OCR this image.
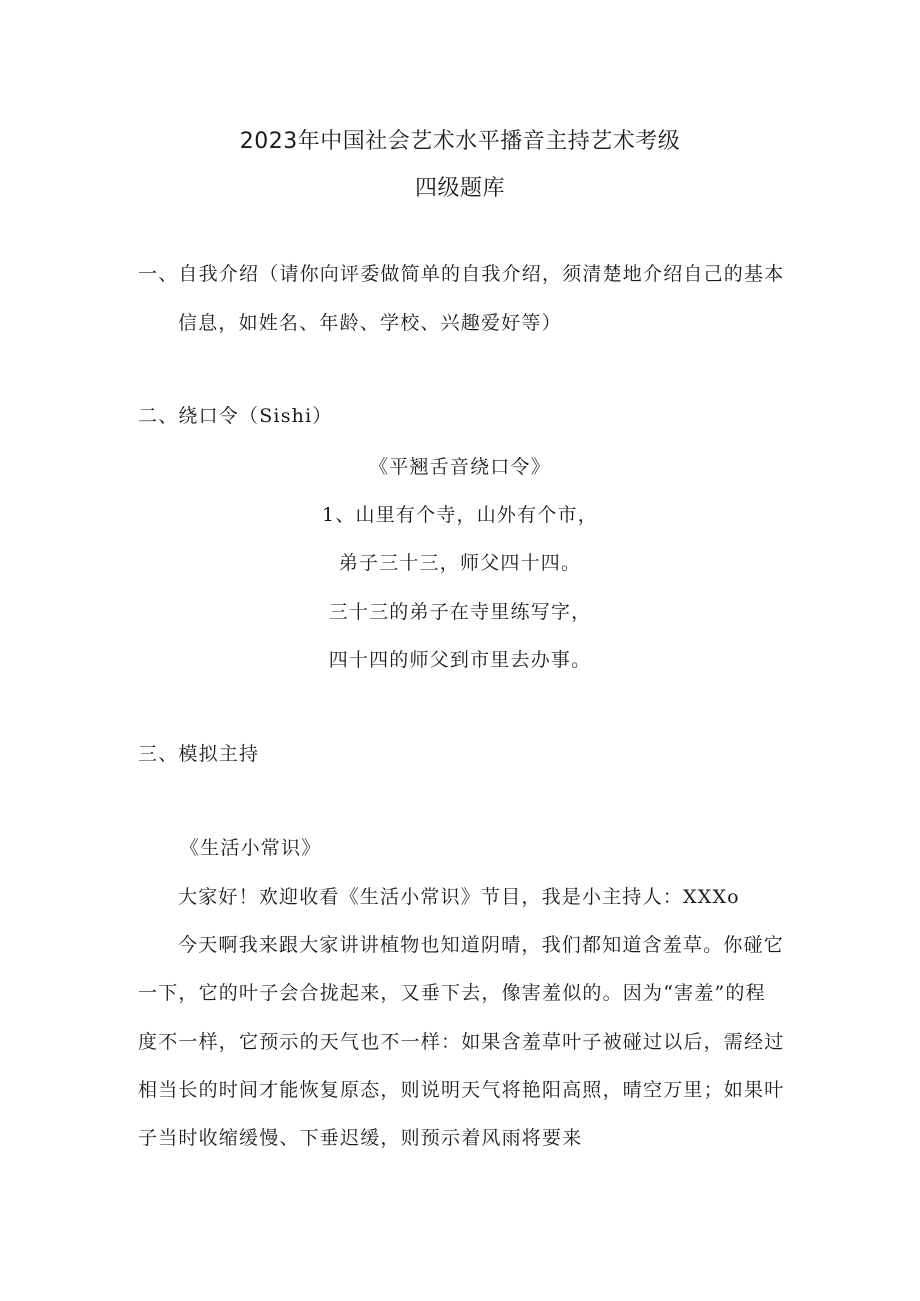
2023年中国社会艺术水平播音主持艺术考级
四级题库
一、自我介绍（请你向评委做简单的自我介绍，须清楚地介绍自己的基本
信息，如姓名、年龄、学校、兴趣爱好等）
二、绕口令（Sishi）
《平翘舌音绕口令》
1、山里有个寺，山外有个市，
弟子三十三，师父四十四。
三十三的弟子在寺里练写字，
四十四的师父到市里去办事。
三、模拟主持
《生活小常识》
大家好！欢迎收看《生活小常识》节目，我是小主持人：XXXo
今天啊我来跟大家讲讲植物也知道阴晴，我们都知道含羞草。你碰它
一下，它的叶子会合拢起来，又垂下去，像害羞似的。因为“害羞”的程
度不一样，它预示的天气也不一样：如果含羞草叶子被碰过以后，需经过
相当长的时间才能恢复原态，则说明天气将艳阳高照，晴空万里；如果叶
子当时收缩缓慢、下垂迟缓，则预示着风雨将要来
